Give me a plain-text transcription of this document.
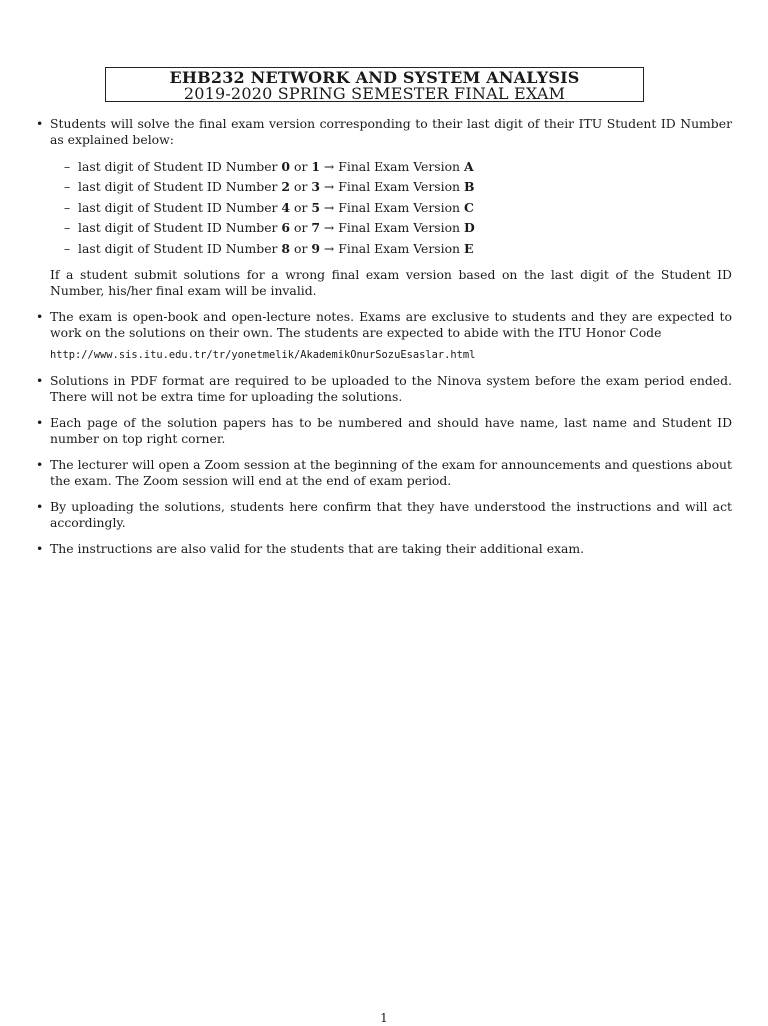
EHB232 NETWORK AND SYSTEM ANALYSIS
2019-2020 SPRING SEMESTER FINAL EXAM
• Students will solve the final exam version corresponding to their last digit of their ITU Student ID Number as explained below:
– last digit of Student ID Number 0 or 1 → Final Exam Version A
– last digit of Student ID Number 2 or 3 → Final Exam Version B
– last digit of Student ID Number 4 or 5 → Final Exam Version C
– last digit of Student ID Number 6 or 7 → Final Exam Version D
– last digit of Student ID Number 8 or 9 → Final Exam Version E
If a student submit solutions for a wrong final exam version based on the last digit of the Student ID Number, his/her final exam will be invalid.
• The exam is open-book and open-lecture notes. Exams are exclusive to students and they are expected to work on the solutions on their own. The students are expected to abide with the ITU Honor Code
http://www.sis.itu.edu.tr/tr/yonetmelik/AkademikOnurSozuEsaslar.html
• Solutions in PDF format are required to be uploaded to the Ninova system before the exam period ended. There will not be extra time for uploading the solutions.
• Each page of the solution papers has to be numbered and should have name, last name and Student ID number on top right corner.
• The lecturer will open a Zoom session at the beginning of the exam for announcements and questions about the exam. The Zoom session will end at the end of exam period.
• By uploading the solutions, students here confirm that they have understood the instructions and will act accordingly.
• The instructions are also valid for the students that are taking their additional exam.
1
